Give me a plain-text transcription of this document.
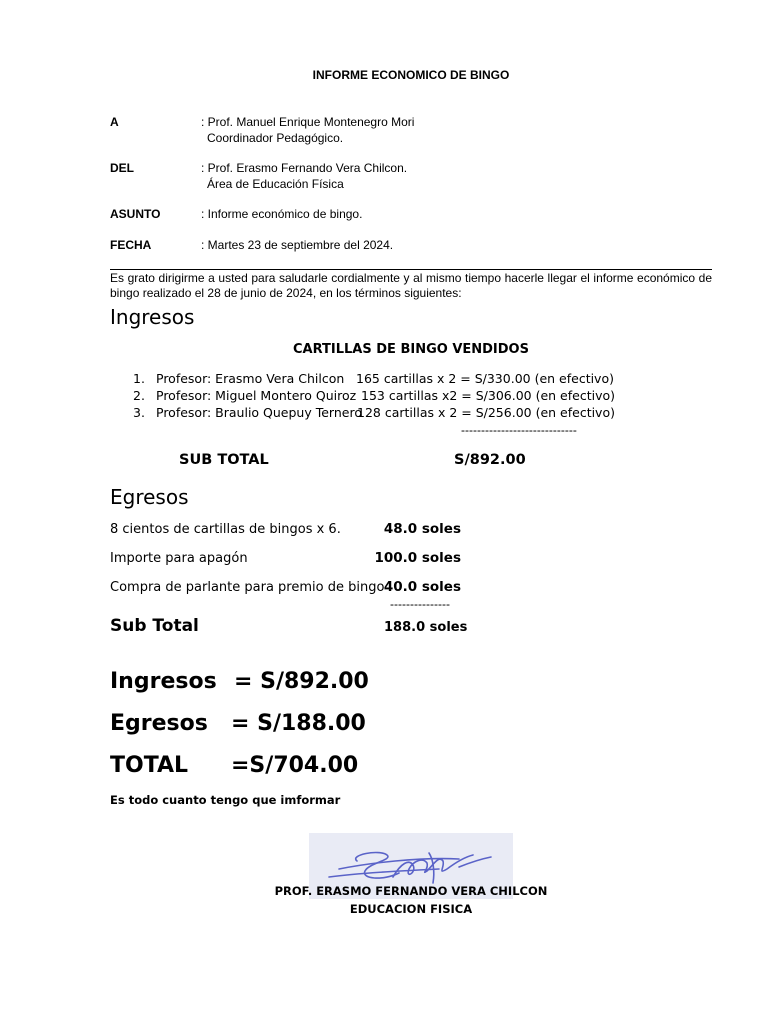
INFORME ECONOMICO DE BINGO
A	: Prof. Manuel Enrique Montenegro Mori
Coordinador Pedagógico.
DEL	: Prof. Erasmo Fernando Vera Chilcon.
Área de Educación Física
ASUNTO	: Informe económico de bingo.
FECHA	: Martes 23 de septiembre del 2024.
Es grato dirigirme a usted para saludarle cordialmente y al mismo tiempo hacerle llegar el informe económico de bingo realizado el 28 de junio de 2024, en los términos siguientes:
Ingresos
CARTILLAS DE BINGO VENDIDOS
1. Profesor: Erasmo Vera Chilcon 165 cartillas x 2 = S/330.00 (en efectivo)
2. Profesor: Miguel Montero Quiroz 153 cartillas x2 = S/306.00 (en efectivo)
3. Profesor: Braulio Quepuy Ternero
128 cartillas x 2 = S/256.00 (en efectivo)
-----------------------------
SUB TOTAL	S/892.00
Egresos
8 cientos de cartillas de bingos x 6.	48.0 soles
Importe para apagón	100.0 soles
Compra de parlante para premio de bingo 40.0 soles
---------------
Sub Total	188.0 soles
Ingresos = S/892.00
Egresos = S/188.00
TOTAL =S/704.00
Es todo cuanto tengo que imformar
PROF. ERASMO FERNANDO VERA CHILCON
EDUCACION FISICA
